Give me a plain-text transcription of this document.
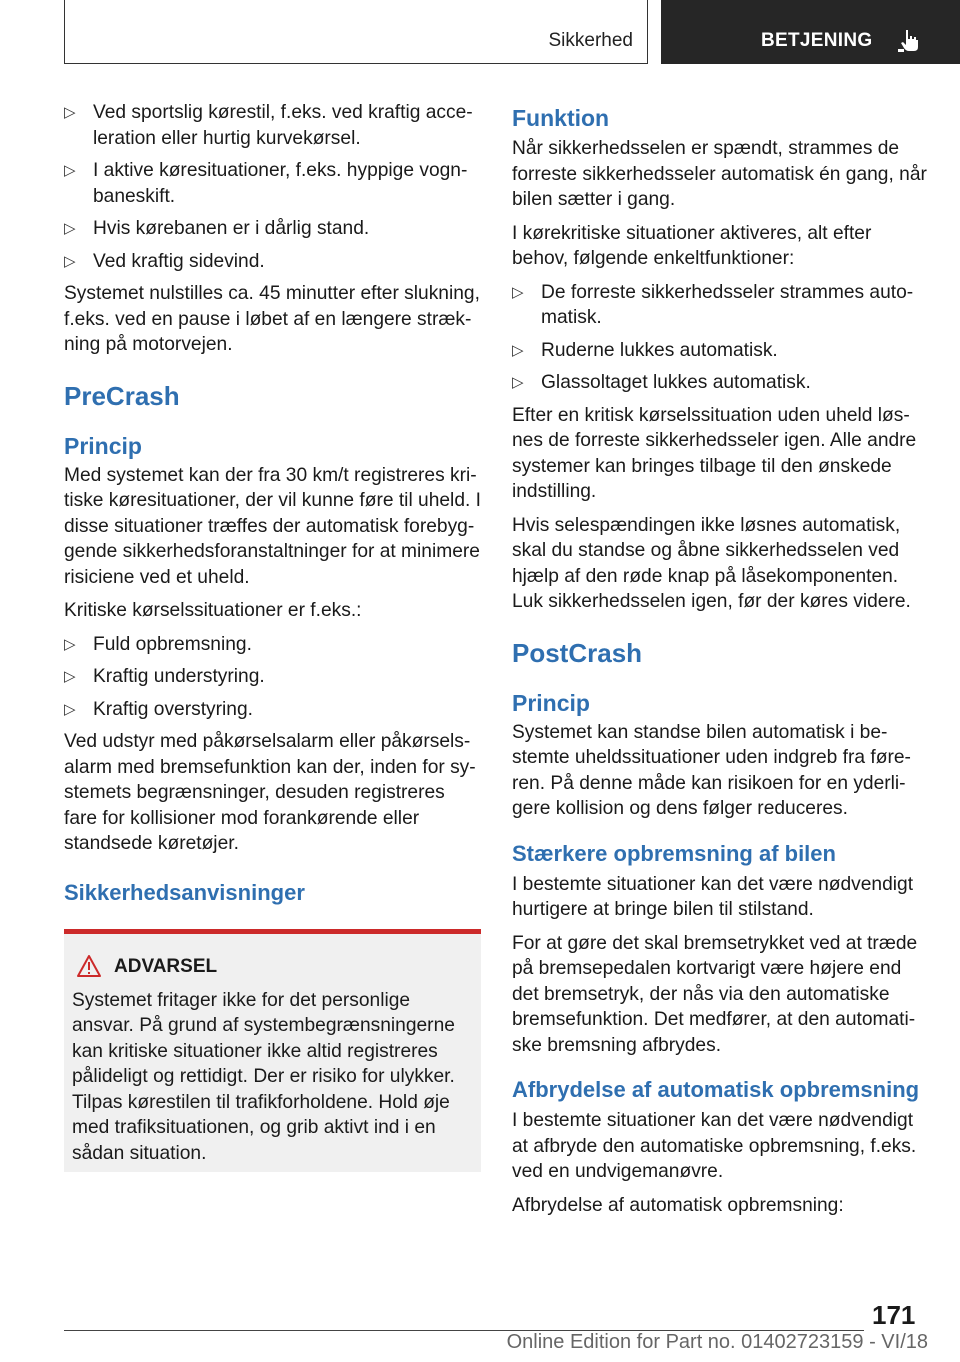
Sikkerhed	BETJENING
▷ Ved sportslig kørestil, f.eks. ved kraftig acceleration eller hurtig kurvekørsel.
▷ I aktive køresituationer, f.eks. hyppige vognbaneskift.
▷ Hvis kørebanen er i dårlig stand.
▷ Ved kraftig sidevind.

Systemet nulstilles ca. 45 minutter efter slukning, f.eks. ved en pause i løbet af en længere strækning på motorvejen.

PreCrash
Princip

Med systemet kan der fra 30 km/t registreres kritiske køresituationer, der vil kunne føre til uheld. I disse situationer træffes der automatisk forebyggende sikkerhedsforanstaltninger for at minimere risiciene ved et uheld.

Kritiske kørselssituationer er f.eks.:

▷ Fuld opbremsning.
▷ Kraftig understyring.
▷ Kraftig overstyring.

Ved udstyr med påkørselsalarm eller påkørselsalarm med bremsefunktion kan der, inden for systemets begrænsninger, desuden registreres fare for kollisioner mod forankørende eller standsede køretøjer.

Sikkerhedsanvisninger
ADVARSEL

Systemet fritager ikke for det personlige ansvar. På grund af systembegrænsningerne kan kritiske situationer ikke altid registreres pålideligt og rettidigt. Der er risiko for ulykker. Tilpas kørestilen til trafikforholdene. Hold øje med trafiksituationen, og grib aktivt ind i en sådan situation.

Funktion

Når sikkerhedsselen er spændt, strammes de forreste sikkerhedsseler automatisk én gang, når bilen sætter i gang.

I kørekritiske situationer aktiveres, alt efter behov, følgende enkeltfunktioner:

▷ De forreste sikkerhedsseler strammes automatisk.
▷ Ruderne lukkes automatisk.
▷ Glassoltaget lukkes automatisk.

Efter en kritisk kørselssituation uden uheld løsnes de forreste sikkerhedsseler igen. Alle andre systemer kan bringes tilbage til den ønskede indstilling.

Hvis selespændingen ikke løsnes automatisk, skal du standse og åbne sikkerhedsselen ved hjælp af den røde knap på låsekomponenten. Luk sikkerhedsselen igen, før der køres videre.

PostCrash
Princip

Systemet kan standse bilen automatisk i bestemte uheldssituationer uden indgreb fra føreren. På denne måde kan risikoen for en yderligere kollision og dens følger reduceres.

Stærkere opbremsning af bilen

I bestemte situationer kan det være nødvendigt hurtigere at bringe bilen til stilstand.

For at gøre det skal bremsetrykket ved at træde på bremsepedalen kortvarigt være højere end det bremsetryk, der nås via den automatiske bremsefunktion. Det medfører, at den automatiske bremsning afbrydes.

Afbrydelse af automatisk opbremsning

I bestemte situationer kan det være nødvendigt at afbryde den automatiske opbremsning, f.eks. ved en undvigemanøvre.

Afbrydelse af automatisk opbremsning:

171
Online Edition for Part no. 01402723159 - VI/18
